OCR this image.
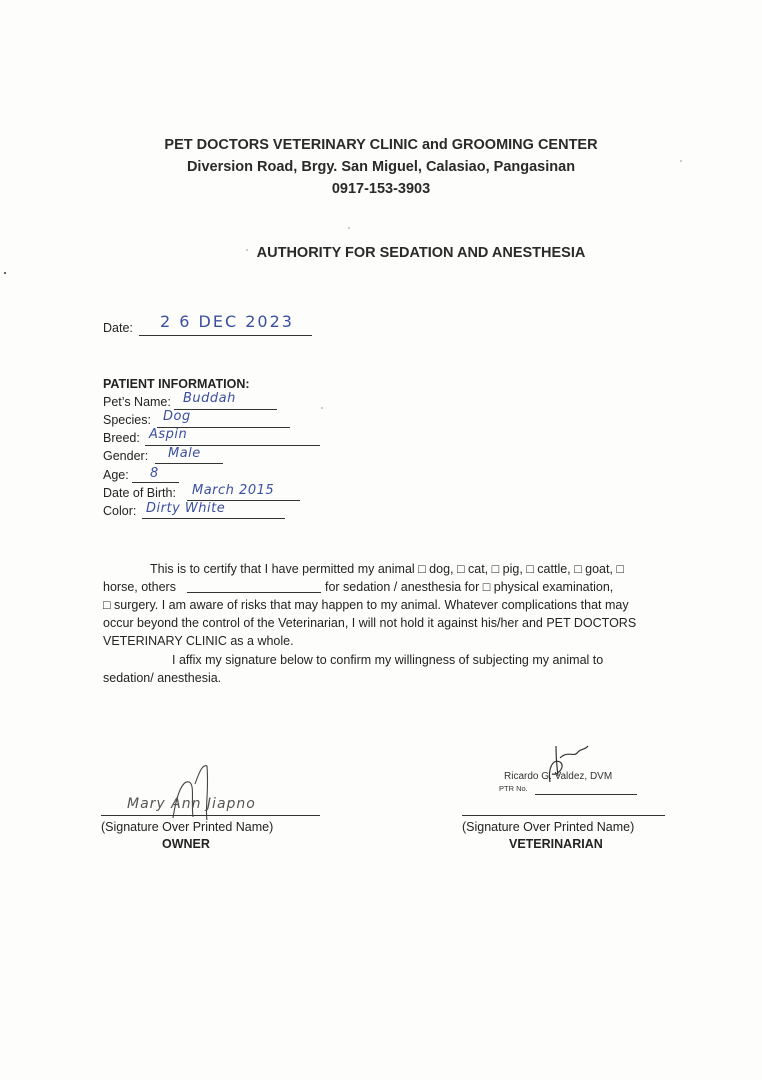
PET DOCTORS VETERINARY CLINIC and GROOMING CENTER
Diversion Road, Brgy. San Miguel, Calasiao, Pangasinan
0917-153-3903
AUTHORITY FOR SEDATION AND ANESTHESIA
Date: 2 6 DEC 2023
PATIENT INFORMATION:
Pet’s Name: Buddah
Species: Dog
Breed: Aspin
Gender: Male
Age: 8
Date of Birth: March 2015
Color: Dirty White
This is to certify that I have permitted my animal □ dog, □ cat, □ pig, □ cattle, □ goat, □
horse, others	for sedation / anesthesia for □ physical examination,
□ surgery. I am aware of risks that may happen to my animal. Whatever complications that may
occur beyond the control of the Veterinarian, I will not hold it against his/her and PET DOCTORS
VETERINARY CLINIC as a whole.
I affix my signature below to confirm my willingness of subjecting my animal to
sedation/ anesthesia.
Mary Ann Jiapno
(Signature Over Printed Name)
OWNER
Ricardo G. Valdez, DVM
PTR No.
(Signature Over Printed Name)
VETERINARIAN
